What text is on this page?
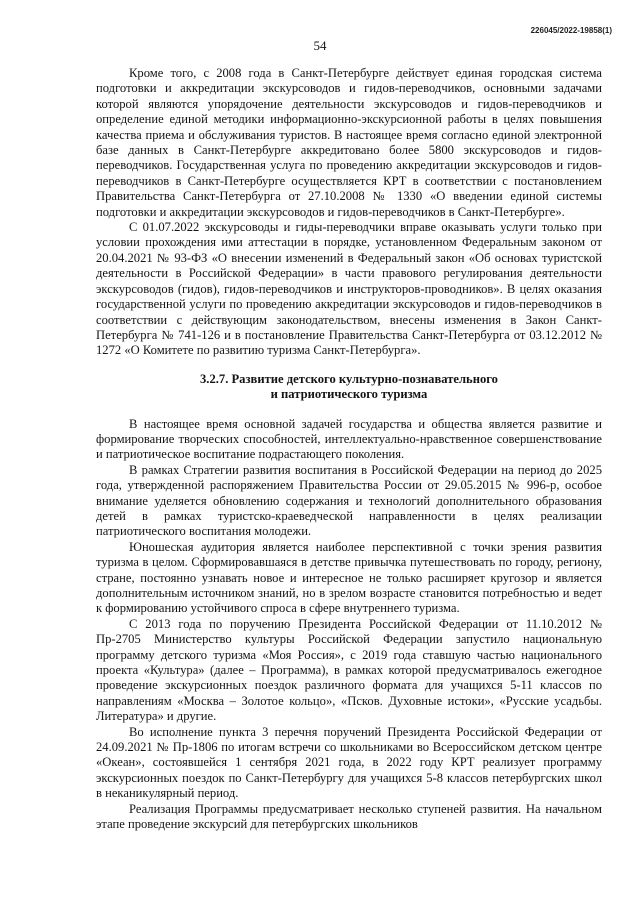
226045/2022-19858(1)
54

Кроме того, с 2008 года в Санкт-Петербурге действует единая городская система подготовки и аккредитации экскурсоводов и гидов-переводчиков, основными задачами которой являются упорядочение деятельности экскурсоводов и гидов-переводчиков и определение единой методики информационно-экскурсионной работы в целях повышения качества приема и обслуживания туристов. В настоящее время согласно единой электронной базе данных в Санкт-Петербурге аккредитовано более 5800 экскурсоводов и гидов-переводчиков. Государственная услуга по проведению аккредитации экскурсоводов и гидов-переводчиков в Санкт-Петербурге осуществляется КРТ в соответствии с постановлением Правительства Санкт-Петербурга от 27.10.2008 № 1330 «О введении единой системы подготовки и аккредитации экскурсоводов и гидов-переводчиков в Санкт-Петербурге».

С 01.07.2022 экскурсоводы и гиды-переводчики вправе оказывать услуги только при условии прохождения ими аттестации в порядке, установленном Федеральным законом от 20.04.2021 № 93-ФЗ «О внесении изменений в Федеральный закон «Об основах туристской деятельности в Российской Федерации» в части правового регулирования деятельности экскурсоводов (гидов), гидов-переводчиков и инструкторов-проводников». В целях оказания государственной услуги по проведению аккредитации экскурсоводов и гидов-переводчиков в соответствии с действующим законодательством, внесены изменения в Закон Санкт-Петербурга № 741-126 и в постановление Правительства Санкт-Петербурга от 03.12.2012 № 1272 «О Комитете по развитию туризма Санкт-Петербурга».

3.2.7. Развитие детского культурно-познавательного
и патриотического туризма

В настоящее время основной задачей государства и общества является развитие и формирование творческих способностей, интеллектуально-нравственное совершенствование и патриотическое воспитание подрастающего поколения.

В рамках Стратегии развития воспитания в Российской Федерации на период до 2025 года, утвержденной распоряжением Правительства России от 29.05.2015 № 996-р, особое внимание уделяется обновлению содержания и технологий дополнительного образования детей в рамках туристско-краеведческой направленности в целях реализации патриотического воспитания молодежи.

Юношеская аудитория является наиболее перспективной с точки зрения развития туризма в целом. Сформировавшаяся в детстве привычка путешествовать по городу, региону, стране, постоянно узнавать новое и интересное не только расширяет кругозор и является дополнительным источником знаний, но в зрелом возрасте становится потребностью и ведет к формированию устойчивого спроса в сфере внутреннего туризма.

С 2013 года по поручению Президента Российской Федерации от 11.10.2012 № Пр-2705 Министерство культуры Российской Федерации запустило национальную программу детского туризма «Моя Россия», с 2019 года ставшую частью национального проекта «Культура» (далее – Программа), в рамках которой предусматривалось ежегодное проведение экскурсионных поездок различного формата для учащихся 5-11 классов по направлениям «Москва – Золотое кольцо», «Псков. Духовные истоки», «Русские усадьбы. Литература» и другие.

Во исполнение пункта 3 перечня поручений Президента Российской Федерации от 24.09.2021 № Пр-1806 по итогам встречи со школьниками во Всероссийском детском центре «Океан», состоявшейся 1 сентября 2021 года, в 2022 году КРТ реализует программу экскурсионных поездок по Санкт-Петербургу для учащихся 5-8 классов петербургских школ в неканикулярный период.

Реализация Программы предусматривает несколько ступеней развития. На начальном этапе проведение экскурсий для петербургских школьников
